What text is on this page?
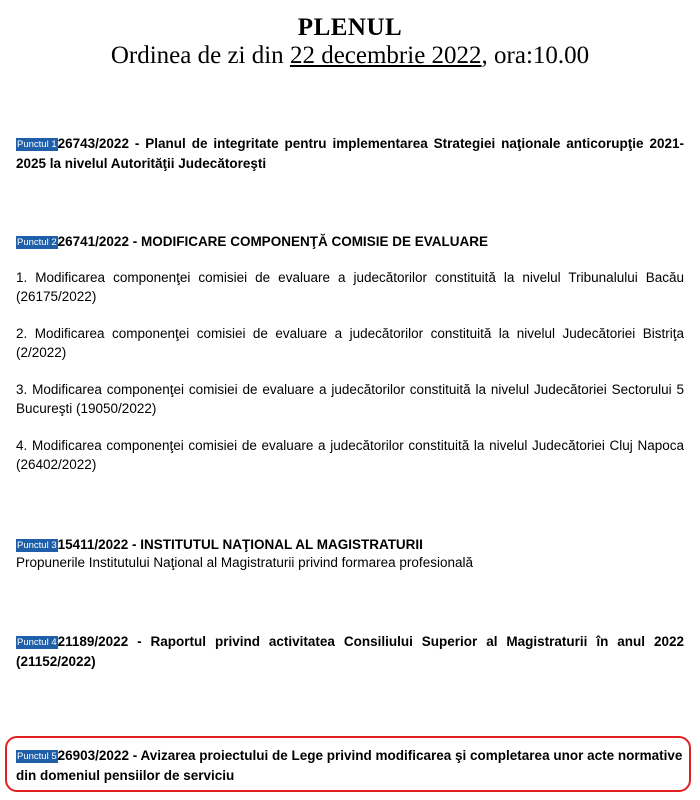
PLENUL
Ordinea de zi din 22 decembrie 2022, ora:10.00
Punctul 126743/2022 - Planul de integritate pentru implementarea Strategiei naţionale anticorupţie 2021-2025 la nivelul Autorităţii Judecătoreşti
Punctul 226741/2022 - MODIFICARE COMPONENŢĂ COMISIE DE EVALUARE
1. Modificarea componenţei comisiei de evaluare a judecătorilor constituită la nivelul Tribunalului Bacău (26175/2022)
2. Modificarea componenţei comisiei de evaluare a judecătorilor constituită la nivelul Judecătoriei Bistriţa (2/2022)
3. Modificarea componenţei comisiei de evaluare a judecătorilor constituită la nivelul Judecătoriei Sectorului 5 Bucureşti (19050/2022)
4. Modificarea componenţei comisiei de evaluare a judecătorilor constituită la nivelul Judecătoriei Cluj Napoca (26402/2022)
Punctul 315411/2022 - INSTITUTUL NAŢIONAL AL MAGISTRATURII
Propunerile Institutului Naţional al Magistraturii privind formarea profesională
Punctul 421189/2022 - Raportul privind activitatea Consiliului Superior al Magistraturii în anul 2022 (21152/2022)
Punctul 526903/2022 - Avizarea proiectului de Lege privind modificarea şi completarea unor acte normative din domeniul pensiilor de serviciu
